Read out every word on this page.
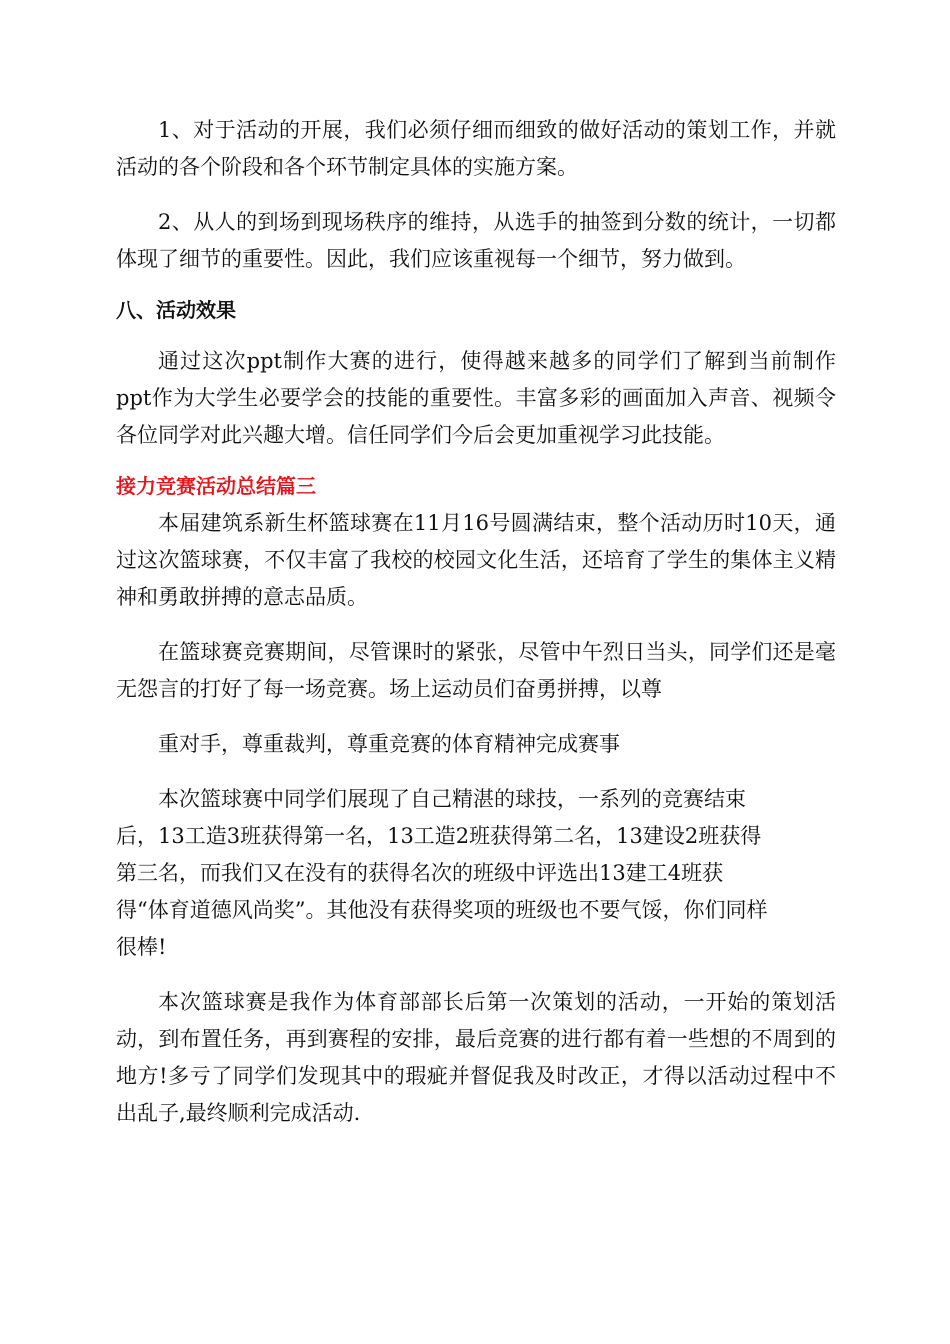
1、对于活动的开展，我们必须仔细而细致的做好活动的策划工作，并就活动的各个阶段和各个环节制定具体的实施方案。

2、从人的到场到现场秩序的维持，从选手的抽签到分数的统计，一切都体现了细节的重要性。因此，我们应该重视每一个细节，努力做到。

八、活动效果

通过这次ppt制作大赛的进行，使得越来越多的同学们了解到当前制作ppt作为大学生必要学会的技能的重要性。丰富多彩的画面加入声音、视频令各位同学对此兴趣大增。信任同学们今后会更加重视学习此技能。

接力竞赛活动总结篇三

本届建筑系新生杯篮球赛在11月16号圆满结束，整个活动历时10天，通过这次篮球赛，不仅丰富了我校的校园文化生活，还培育了学生的集体主义精神和勇敢拼搏的意志品质。

在篮球赛竞赛期间，尽管课时的紧张，尽管中午烈日当头，同学们还是毫无怨言的打好了每一场竞赛。场上运动员们奋勇拼搏，以尊

重对手，尊重裁判，尊重竞赛的体育精神完成赛事

本次篮球赛中同学们展现了自己精湛的球技，一系列的竞赛结束

后，13工造3班获得第一名，13工造2班获得第二名，13建设2班获得

第三名，而我们又在没有的获得名次的班级中评选出13建工4班获

得“体育道德风尚奖”。其他没有获得奖项的班级也不要气馁，你们同样

很棒!

本次篮球赛是我作为体育部部长后第一次策划的活动，一开始的策划活动，到布置任务，再到赛程的安排，最后竞赛的进行都有着一些想的不周到的地方!多亏了同学们发现其中的瑕疵并督促我及时改正，才得以活动过程中不出乱子,最终顺利完成活动.
